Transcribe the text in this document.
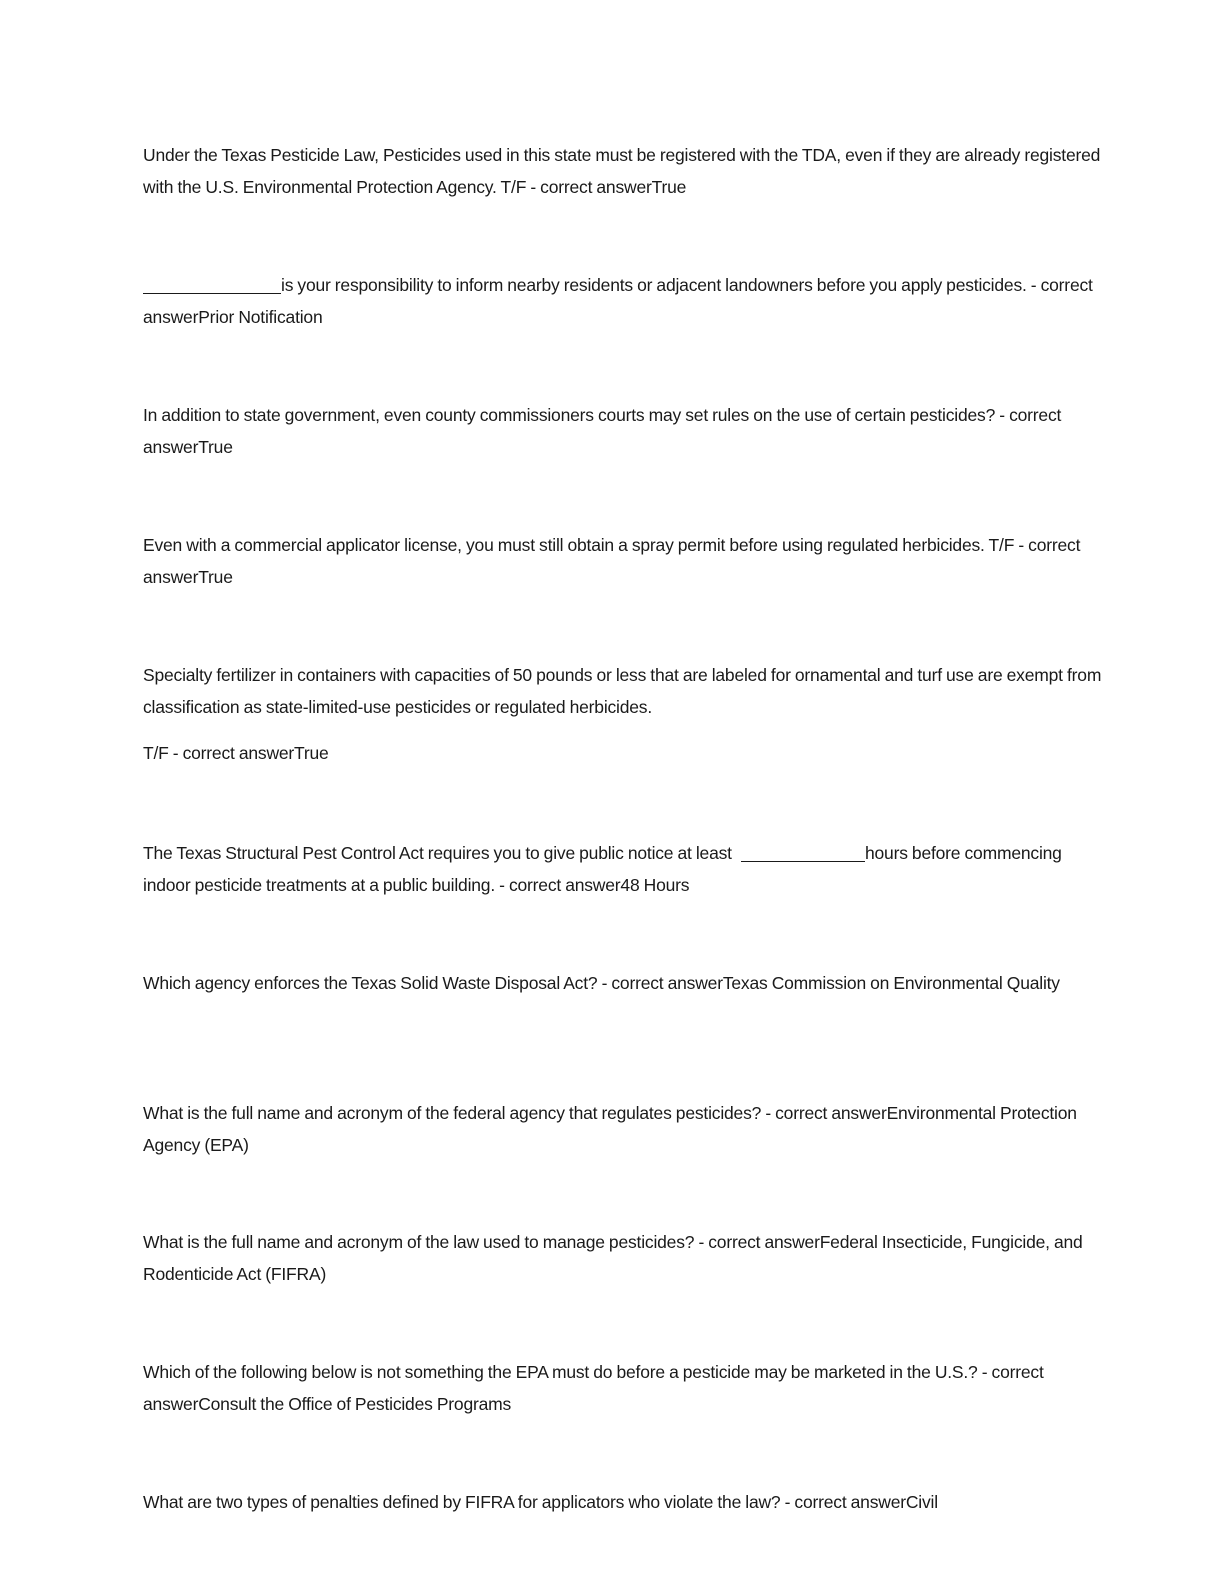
Under the Texas Pesticide Law, Pesticides used in this state must be registered with the TDA, even if they are already registered with the U.S. Environmental Protection Agency. T/F - correct answerTrue

is your responsibility to inform nearby residents or adjacent landowners before you apply pesticides. - correct answerPrior Notification

In addition to state government, even county commissioners courts may set rules on the use of certain pesticides? - correct answerTrue

Even with a commercial applicator license, you must still obtain a spray permit before using regulated herbicides. T/F - correct answerTrue

Specialty fertilizer in containers with capacities of 50 pounds or less that are labeled for ornamental and turf use are exempt from classification as state-limited-use pesticides or regulated herbicides.

T/F - correct answerTrue

The Texas Structural Pest Control Act requires you to give public notice at least	hours before commencing indoor pesticide treatments at a public building. - correct answer48 Hours

Which agency enforces the Texas Solid Waste Disposal Act? - correct answerTexas Commission on Environmental Quality

What is the full name and acronym of the federal agency that regulates pesticides? - correct answerEnvironmental Protection Agency (EPA)

What is the full name and acronym of the law used to manage pesticides? - correct answerFederal Insecticide, Fungicide, and Rodenticide Act (FIFRA)

Which of the following below is not something the EPA must do before a pesticide may be marketed in the U.S.? - correct answerConsult the Office of Pesticides Programs

What are two types of penalties defined by FIFRA for applicators who violate the law? - correct answerCivil
